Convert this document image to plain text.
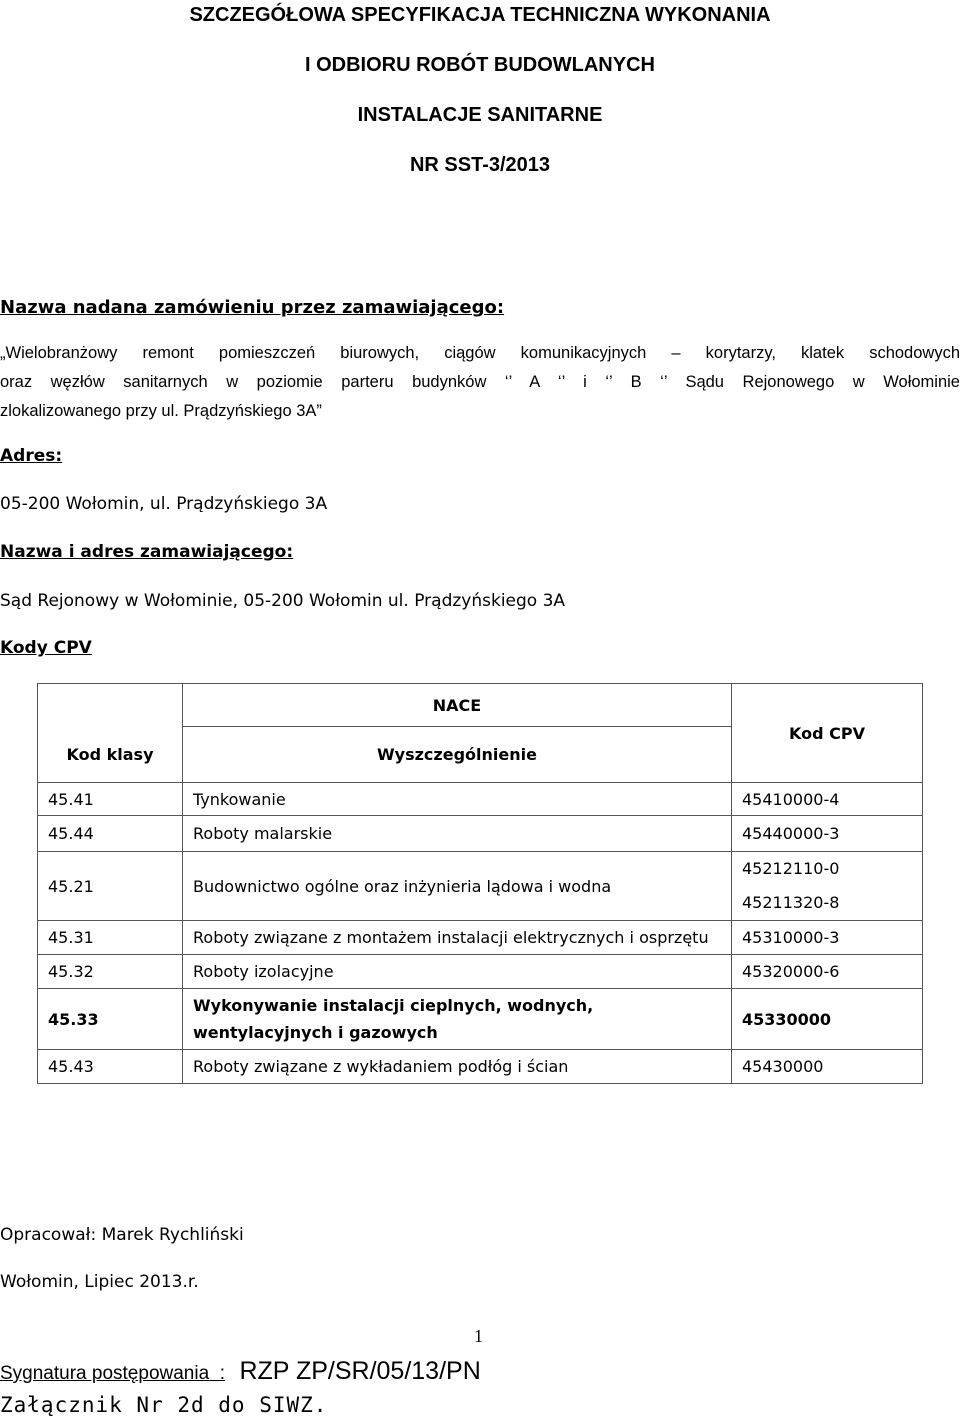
SZCZEGÓŁOWA SPECYFIKACJA TECHNICZNA WYKONANIA
I ODBIORU ROBÓT BUDOWLANYCH
INSTALACJE SANITARNE
NR SST-3/2013
Nazwa nadana zamówieniu przez zamawiającego:
„Wielobranżowy remont pomieszczeń biurowych, ciągów komunikacyjnych – korytarzy, klatek schodowych
oraz węzłów sanitarnych w poziomie parteru budynków ‘’ A ‘’ i ‘’ B ‘’ Sądu Rejonowego w Wołominie
zlokalizowanego przy ul. Prądzyńskiego 3A”
Adres:
05-200 Wołomin, ul. Prądzyńskiego 3A
Nazwa i adres zamawiającego:
Sąd Rejonowy w Wołominie, 05-200 Wołomin ul. Prądzyńskiego 3A
Kody CPV
	NACE	Kod CPV
Kod klasy	Wyszczególnienie	
45.41	Tynkowanie	45410000-4
45.44	Roboty malarskie	45440000-3
45.21	Budownictwo ogólne oraz inżynieria lądowa i wodna	45212110-0
45211320-8

45.31	Roboty związane z montażem instalacji elektrycznych i osprzętu	45310000-3
45.32	Roboty izolacyjne	45320000-6
45.33	Wykonywanie instalacji cieplnych, wodnych,
wentylacyjnych i gazowych	45330000
45.43	Roboty związane z wykładaniem podłóg i ścian	45430000
Opracował: Marek Rychliński
Wołomin, Lipiec 2013.r.
1
Sygnatura postępowania : RZP ZP/SR/05/13/PN
Załącznik Nr 2d do SIWZ.
